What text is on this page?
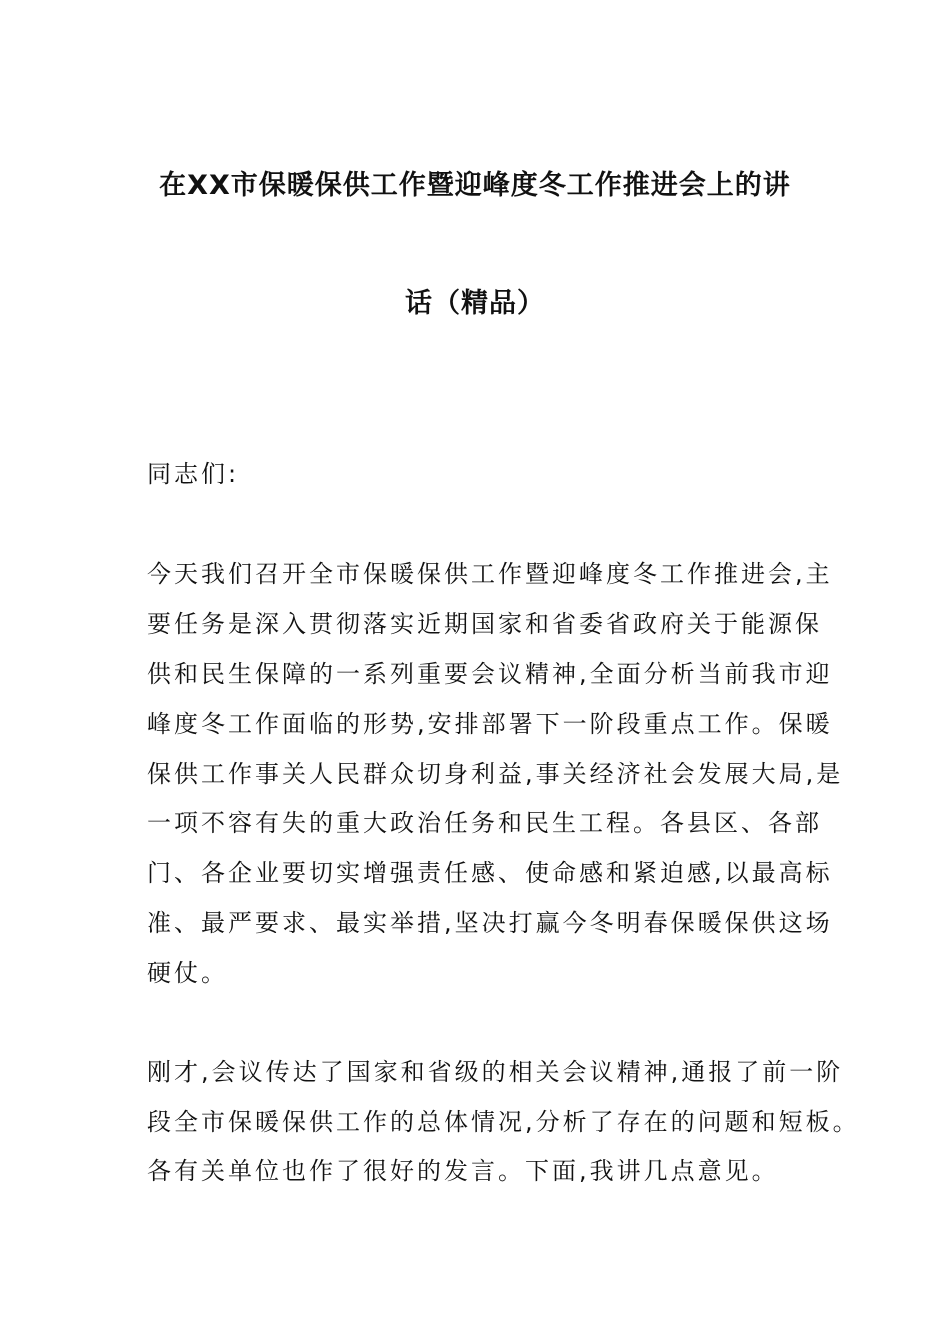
在XX市保暖保供工作暨迎峰度冬工作推进会上的讲
话（精品）
同志们:
今天我们召开全市保暖保供工作暨迎峰度冬工作推进会,主
要任务是深入贯彻落实近期国家和省委省政府关于能源保
供和民生保障的一系列重要会议精神,全面分析当前我市迎
峰度冬工作面临的形势,安排部署下一阶段重点工作。保暖
保供工作事关人民群众切身利益,事关经济社会发展大局,是
一项不容有失的重大政治任务和民生工程。各县区、各部
门、各企业要切实增强责任感、使命感和紧迫感,以最高标
准、最严要求、最实举措,坚决打赢今冬明春保暖保供这场
硬仗。
刚才,会议传达了国家和省级的相关会议精神,通报了前一阶
段全市保暖保供工作的总体情况,分析了存在的问题和短板。
各有关单位也作了很好的发言。下面,我讲几点意见。
